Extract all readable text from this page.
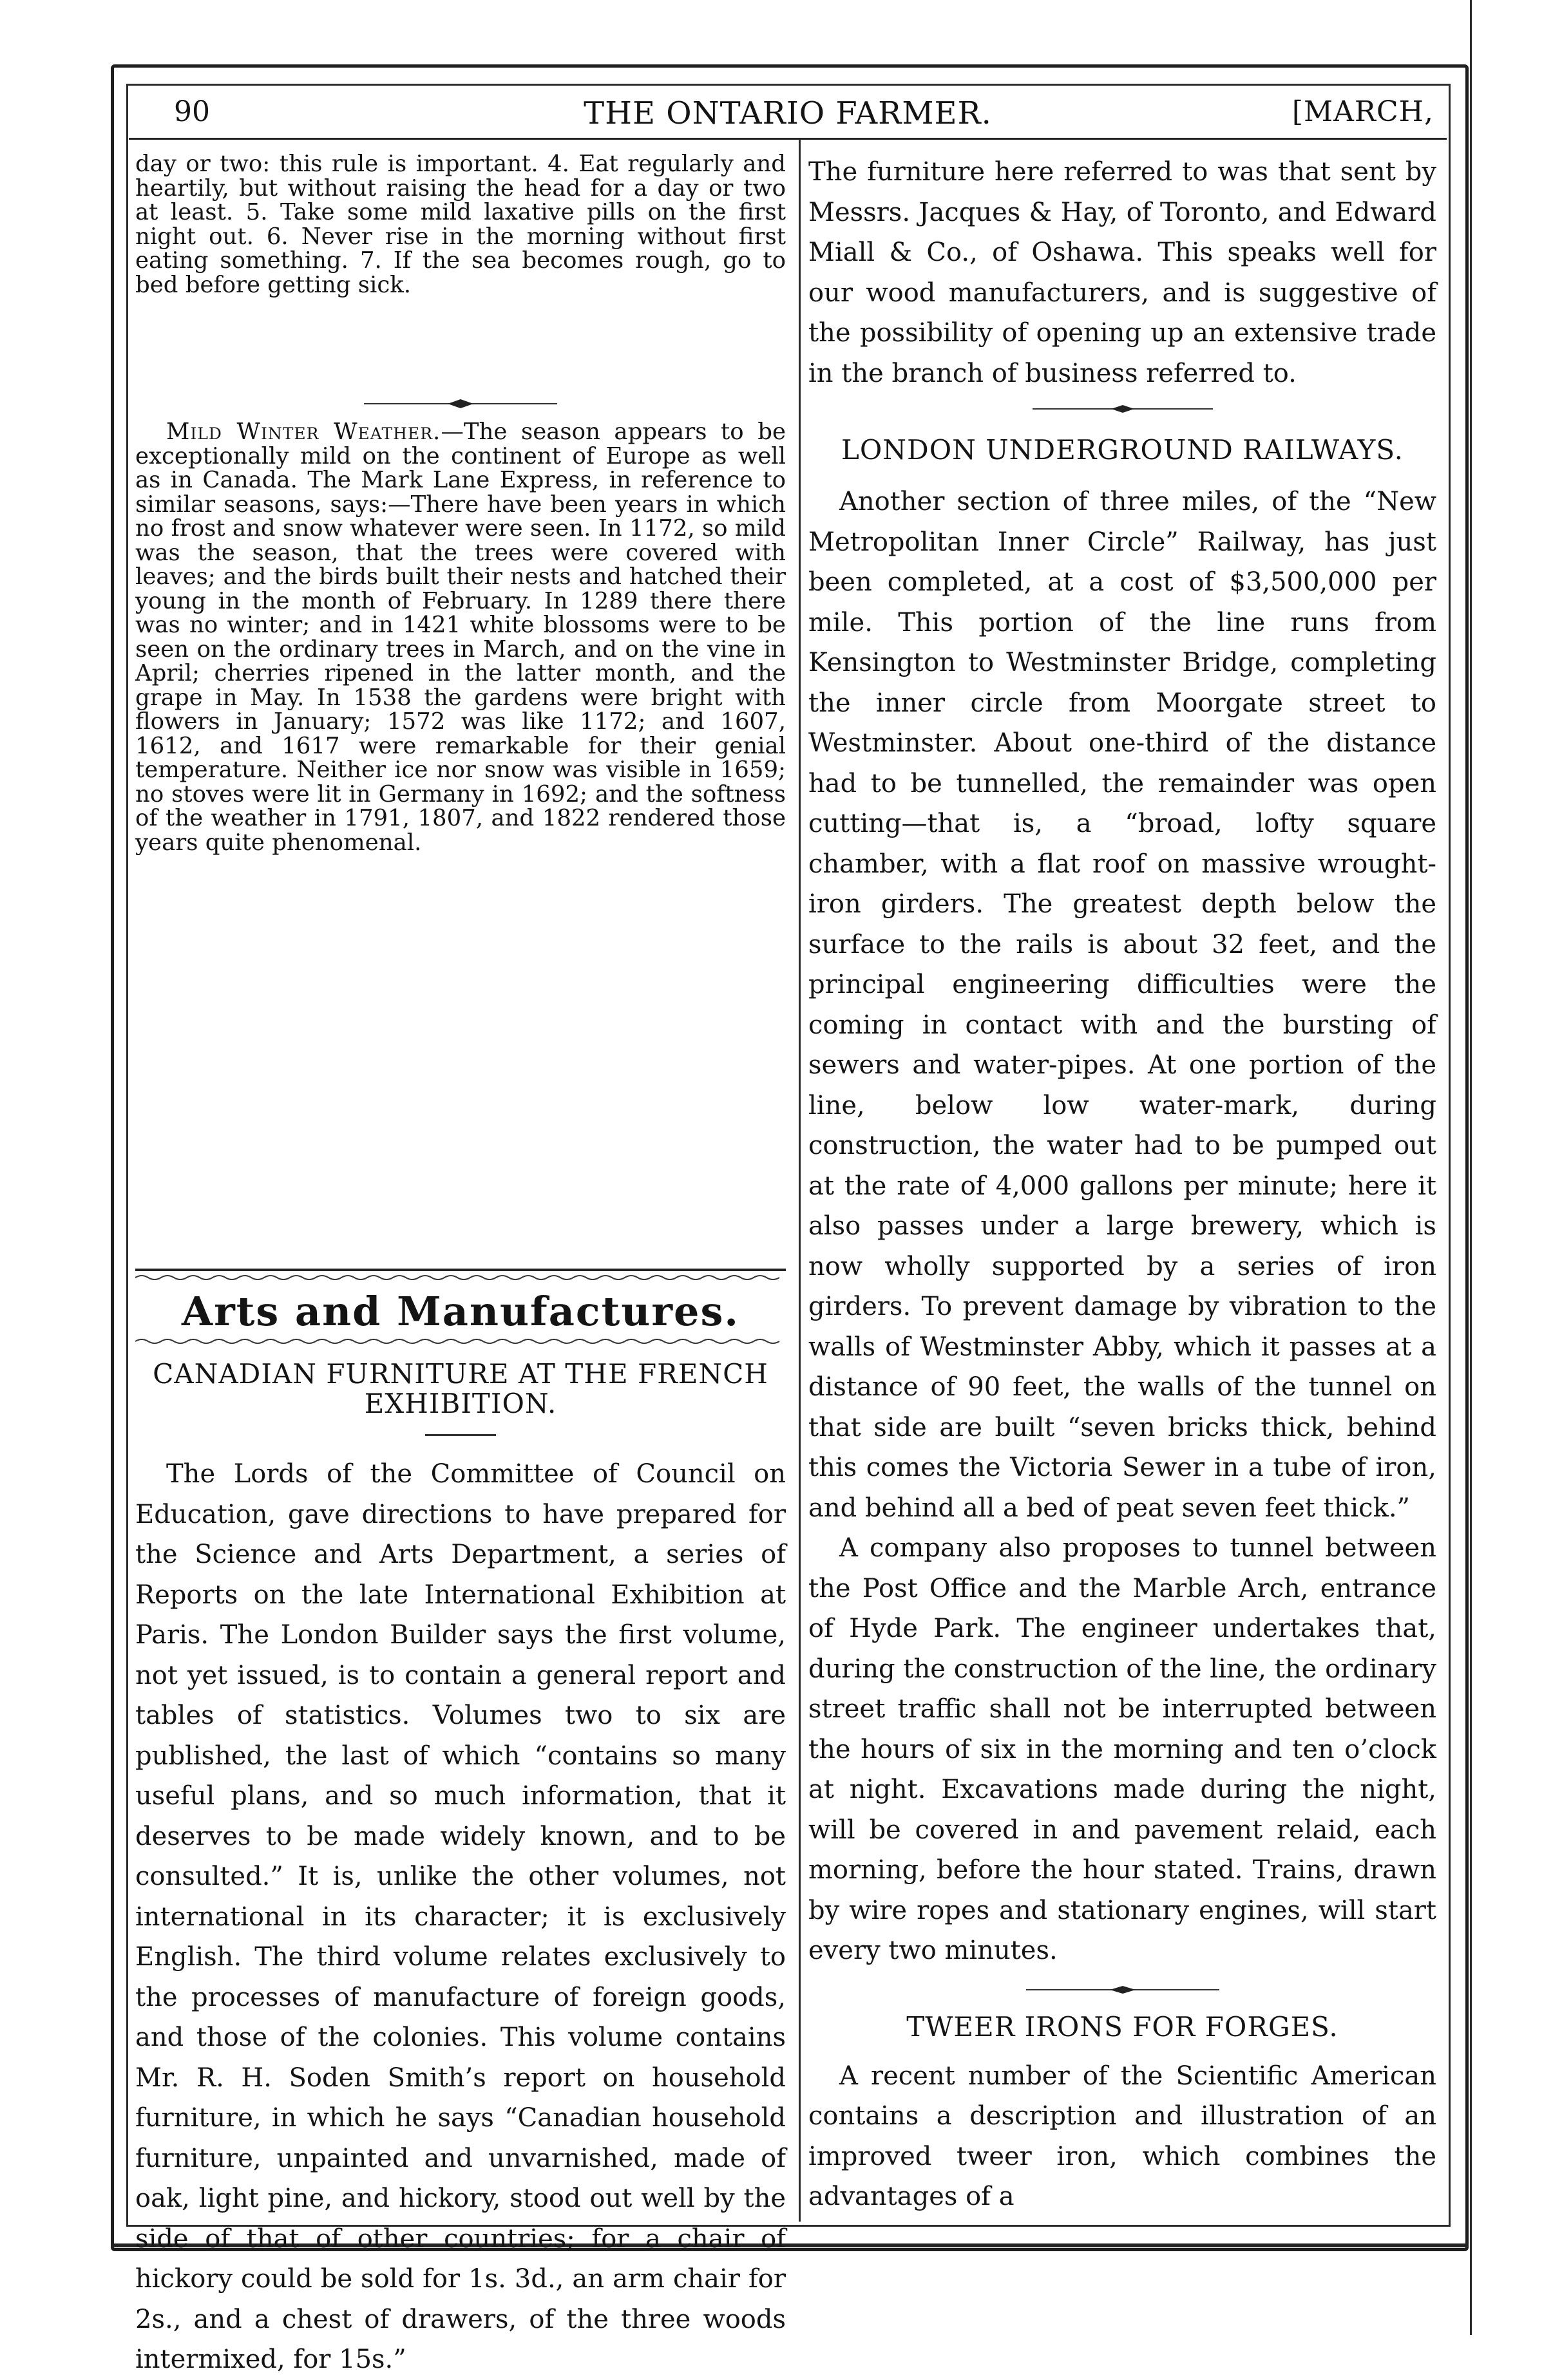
90	THE ONTARIO FARMER.	[MARCH,

day or two: this rule is important. 4. Eat regularly and heartily, but without raising the head for a day or two at least. 5. Take some mild laxative pills on the first night out. 6. Never rise in the morning without first eating something. 7. If the sea becomes rough, go to bed before getting sick.

Mild Winter Weather.—The season appears to be exceptionally mild on the continent of Europe as well as in Canada. The Mark Lane Express, in reference to similar seasons, says:—There have been years in which no frost and snow whatever were seen. In 1172, so mild was the season, that the trees were covered with leaves; and the birds built their nests and hatched their young in the month of February. In 1289 there there was no winter; and in 1421 white blossoms were to be seen on the ordinary trees in March, and on the vine in April; cherries ripened in the latter month, and the grape in May. In 1538 the gardens were bright with flowers in January; 1572 was like 1172; and 1607, 1612, and 1617 were remarkable for their genial temperature. Neither ice nor snow was visible in 1659; no stoves were lit in Germany in 1692; and the softness of the weather in 1791, 1807, and 1822 rendered those years quite phenomenal.

Arts and Manufactures.

CANADIAN FURNITURE AT THE FRENCH EXHIBITION.

The Lords of the Committee of Council on Education, gave directions to have prepared for the Science and Arts Department, a series of Reports on the late International Exhibition at Paris. The London Builder says the first volume, not yet issued, is to contain a general report and tables of statistics. Volumes two to six are published, the last of which “contains so many useful plans, and so much information, that it deserves to be made widely known, and to be consulted.” It is, unlike the other volumes, not international in its character; it is exclusively English. The third volume relates exclusively to the processes of manufacture of foreign goods, and those of the colonies. This volume contains Mr. R. H. Soden Smith’s report on household furniture, in which he says “Canadian household furniture, unpainted and unvarnished, made of oak, light pine, and hickory, stood out well by the side of that of other countries; for a chair of hickory could be sold for 1s. 3d., an arm chair for 2s., and a chest of drawers, of the three woods intermixed, for 15s.”

The furniture here referred to was that sent by Messrs. Jacques & Hay, of Toronto, and Edward Miall & Co., of Oshawa. This speaks well for our wood manufacturers, and is suggestive of the possibility of opening up an extensive trade in the branch of business referred to.

LONDON UNDERGROUND RAILWAYS.

Another section of three miles, of the “New Metropolitan Inner Circle” Railway, has just been completed, at a cost of $3,500,000 per mile. This portion of the line runs from Kensington to Westminster Bridge, completing the inner circle from Moorgate street to Westminster. About one-third of the distance had to be tunnelled, the remainder was open cutting—that is, a “broad, lofty square chamber, with a flat roof on massive wrought-iron girders. The greatest depth below the surface to the rails is about 32 feet, and the principal engineering difficulties were the coming in contact with and the bursting of sewers and water-pipes. At one portion of the line, below low water-mark, during construction, the water had to be pumped out at the rate of 4,000 gallons per minute; here it also passes under a large brewery, which is now wholly supported by a series of iron girders. To prevent damage by vibration to the walls of Westminster Abby, which it passes at a distance of 90 feet, the walls of the tunnel on that side are built “seven bricks thick, behind this comes the Victoria Sewer in a tube of iron, and behind all a bed of peat seven feet thick.”

A company also proposes to tunnel between the Post Office and the Marble Arch, entrance of Hyde Park. The engineer undertakes that, during the construction of the line, the ordinary street traffic shall not be interrupted between the hours of six in the morning and ten o’clock at night. Excavations made during the night, will be covered in and pavement relaid, each morning, before the hour stated. Trains, drawn by wire ropes and stationary engines, will start every two minutes.

TWEER IRONS FOR FORGES.

A recent number of the Scientific American contains a description and illustration of an improved tweer iron, which combines the advantages of a
